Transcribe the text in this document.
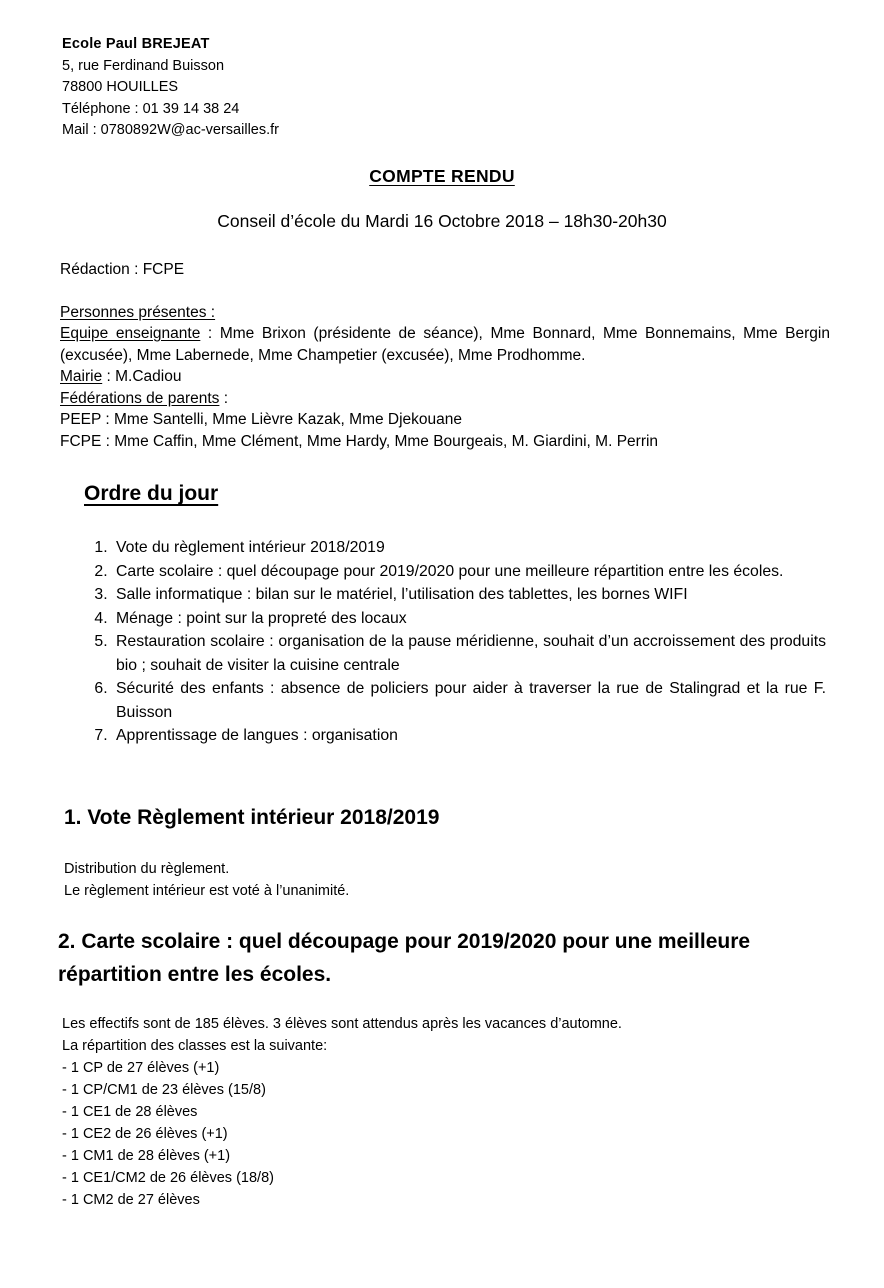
Ecole Paul BREJEAT
5, rue Ferdinand Buisson
78800 HOUILLES
Téléphone : 01 39 14 38 24
Mail : 0780892W@ac-versailles.fr
COMPTE RENDU
Conseil d’école du Mardi 16 Octobre 2018 – 18h30-20h30
Rédaction : FCPE
Personnes présentes :
Equipe enseignante : Mme Brixon (présidente de séance), Mme Bonnard, Mme Bonnemains, Mme Bergin (excusée), Mme Labernede, Mme Champetier (excusée), Mme Prodhomme.
Mairie : M.Cadiou
Fédérations de parents :
PEEP : Mme Santelli, Mme Lièvre Kazak, Mme Djekouane
FCPE : Mme Caffin, Mme Clément, Mme Hardy, Mme Bourgeais, M. Giardini, M. Perrin
Ordre du jour
1. Vote du règlement intérieur 2018/2019
2. Carte scolaire : quel découpage pour 2019/2020 pour une meilleure répartition entre les écoles.
3. Salle informatique : bilan sur le matériel, l’utilisation des tablettes, les bornes WIFI
4. Ménage : point sur la propreté des locaux
5. Restauration scolaire : organisation de la pause méridienne, souhait d’un accroissement des produits bio ; souhait de visiter la cuisine centrale
6. Sécurité des enfants : absence de policiers pour aider à traverser la rue de Stalingrad et la rue F. Buisson
7. Apprentissage de langues : organisation
1. Vote Règlement intérieur 2018/2019
Distribution du règlement.
Le règlement intérieur est voté à l’unanimité.
2. Carte scolaire : quel découpage pour 2019/2020 pour une meilleure répartition entre les écoles.
Les effectifs sont de 185 élèves. 3 élèves sont attendus après les vacances d’automne.
La répartition des classes est la suivante:
- 1 CP de 27 élèves (+1)
- 1 CP/CM1 de 23 élèves (15/8)
- 1 CE1 de 28 élèves
- 1 CE2 de 26 élèves (+1)
- 1 CM1 de 28 élèves (+1)
- 1 CE1/CM2 de 26 élèves (18/8)
- 1 CM2 de 27 élèves
